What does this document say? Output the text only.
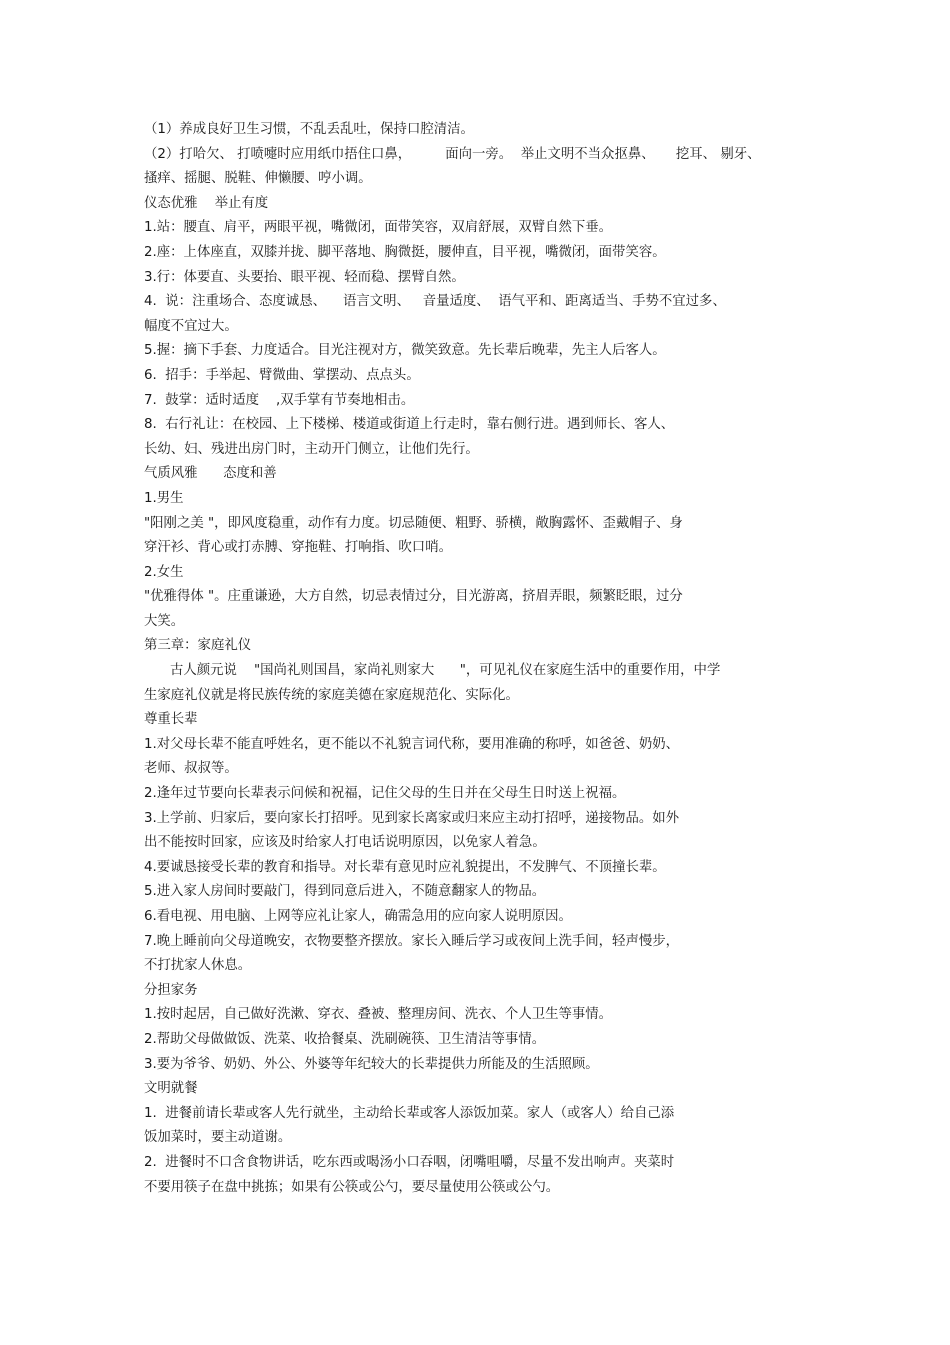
（1）养成良好卫生习惯，不乱丢乱吐，保持口腔清洁。
（2）打哈欠、 打喷嚏时应用纸巾捂住口鼻，        面向一旁。  举止文明不当众抠鼻、     挖耳、 剔牙、
搔痒、摇腿、脱鞋、伸懒腰、哼小调。
仪态优雅    举止有度
1.站：腰直、肩平，两眼平视，嘴微闭，面带笑容，双肩舒展，双臂自然下垂。
2.座：上体座直，双膝并拢、脚平落地、胸微挺，腰伸直，目平视，嘴微闭，面带笑容。
3.行：体要直、头要抬、眼平视、轻而稳、摆臂自然。
4.  说：注重场合、态度诚恳、    语言文明、   音量适度、  语气平和、距离适当、手势不宜过多、
幅度不宜过大。
5.握：摘下手套、力度适合。目光注视对方，微笑致意。先长辈后晚辈，先主人后客人。
6.  招手：手举起、臂微曲、掌摆动、点点头。
7.  鼓掌：适时适度    ,双手掌有节奏地相击。
8.  右行礼让：在校园、上下楼梯、楼道或街道上行走时，靠右侧行进。遇到师长、客人、
长幼、妇、残进出房门时，主动开门侧立，让他们先行。
气质风雅      态度和善
1.男生
"阳刚之美 "，即风度稳重，动作有力度。切忌随便、粗野、骄横，敞胸露怀、歪戴帽子、身
穿汗衫、背心或打赤膊、穿拖鞋、打响指、吹口哨。
2.女生
"优雅得体 "。庄重谦逊，大方自然，切忌表情过分，目光游离，挤眉弄眼，频繁眨眼，过分
大笑。
第三章：家庭礼仪
古人颜元说    "国尚礼则国昌，家尚礼则家大      "，可见礼仪在家庭生活中的重要作用，中学
生家庭礼仪就是将民族传统的家庭美德在家庭规范化、实际化。
尊重长辈
1.对父母长辈不能直呼姓名，更不能以不礼貌言词代称，要用准确的称呼，如爸爸、奶奶、
老师、叔叔等。
2.逢年过节要向长辈表示问候和祝福，记住父母的生日并在父母生日时送上祝福。
3.上学前、归家后，要向家长打招呼。见到家长离家或归来应主动打招呼，递接物品。如外
出不能按时回家，应该及时给家人打电话说明原因，以免家人着急。
4.要诚恳接受长辈的教育和指导。对长辈有意见时应礼貌提出，不发脾气、不顶撞长辈。
5.进入家人房间时要敲门，得到同意后进入，不随意翻家人的物品。
6.看电视、用电脑、上网等应礼让家人，确需急用的应向家人说明原因。
7.晚上睡前向父母道晚安，衣物要整齐摆放。家长入睡后学习或夜间上洗手间，轻声慢步，
不打扰家人休息。
分担家务
1.按时起居，自己做好洗漱、穿衣、叠被、整理房间、洗衣、个人卫生等事情。
2.帮助父母做做饭、洗菜、收拾餐桌、洗刷碗筷、卫生清洁等事情。
3.要为爷爷、奶奶、外公、外婆等年纪较大的长辈提供力所能及的生活照顾。
文明就餐
1.  进餐前请长辈或客人先行就坐，主动给长辈或客人添饭加菜。家人（或客人）给自己添
饭加菜时，要主动道谢。
2.  进餐时不口含食物讲话，吃东西或喝汤小口吞咽，闭嘴咀嚼，尽量不发出响声。夹菜时
不要用筷子在盘中挑拣；如果有公筷或公勺，要尽量使用公筷或公勺。
